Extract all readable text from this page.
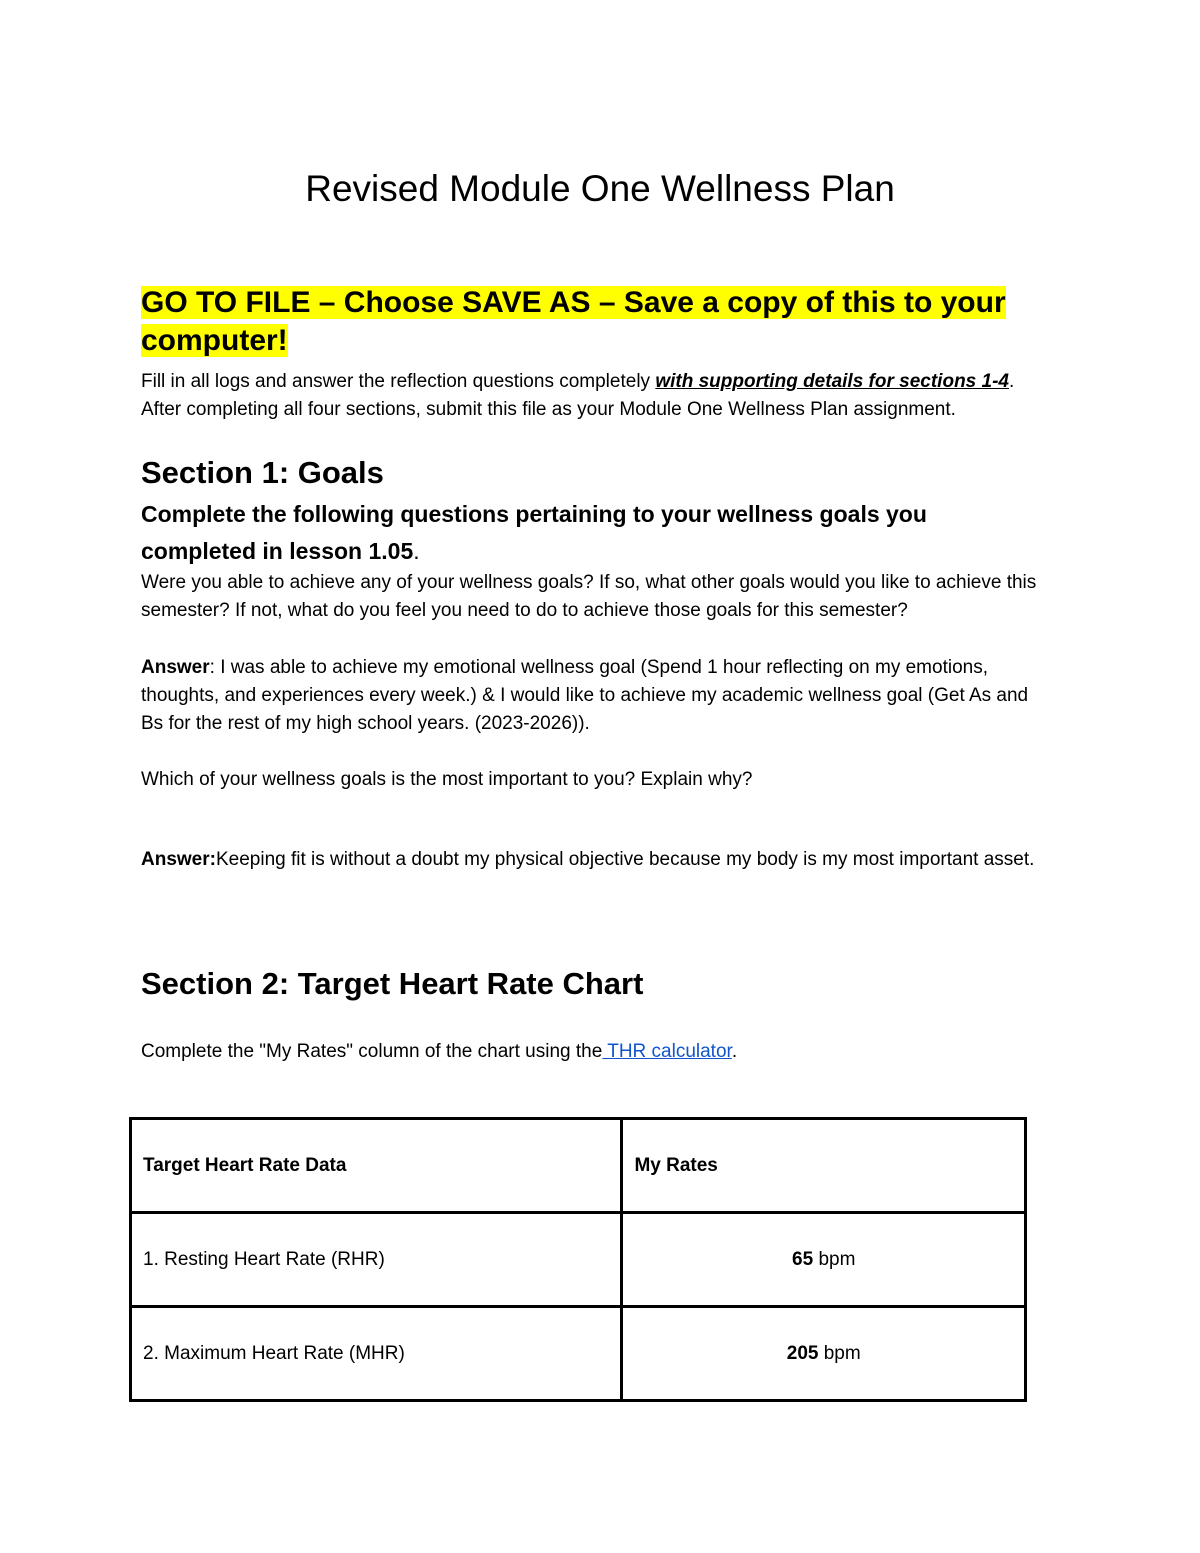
Revised Module One Wellness Plan
GO TO FILE – Choose SAVE AS – Save a copy of this to your computer!
Fill in all logs and answer the reflection questions completely with supporting details for sections 1-4. After completing all four sections, submit this file as your Module One Wellness Plan assignment.
Section 1: Goals
Complete the following questions pertaining to your wellness goals you completed in lesson 1.05.
Were you able to achieve any of your wellness goals? If so, what other goals would you like to achieve this semester? If not, what do you feel you need to do to achieve those goals for this semester?
Answer: I was able to achieve my emotional wellness goal (Spend 1 hour reflecting on my emotions, thoughts, and experiences every week.) & I would like to achieve my academic wellness goal (Get As and Bs for the rest of my high school years. (2023-2026)).
Which of your wellness goals is the most important to you? Explain why?
Answer:Keeping fit is without a doubt my physical objective because my body is my most important asset.
Section 2: Target Heart Rate Chart
Complete the "My Rates" column of the chart using the THR calculator.
Target Heart Rate Data	My Rates
1. Resting Heart Rate (RHR)	65 bpm
2. Maximum Heart Rate (MHR)	205 bpm
